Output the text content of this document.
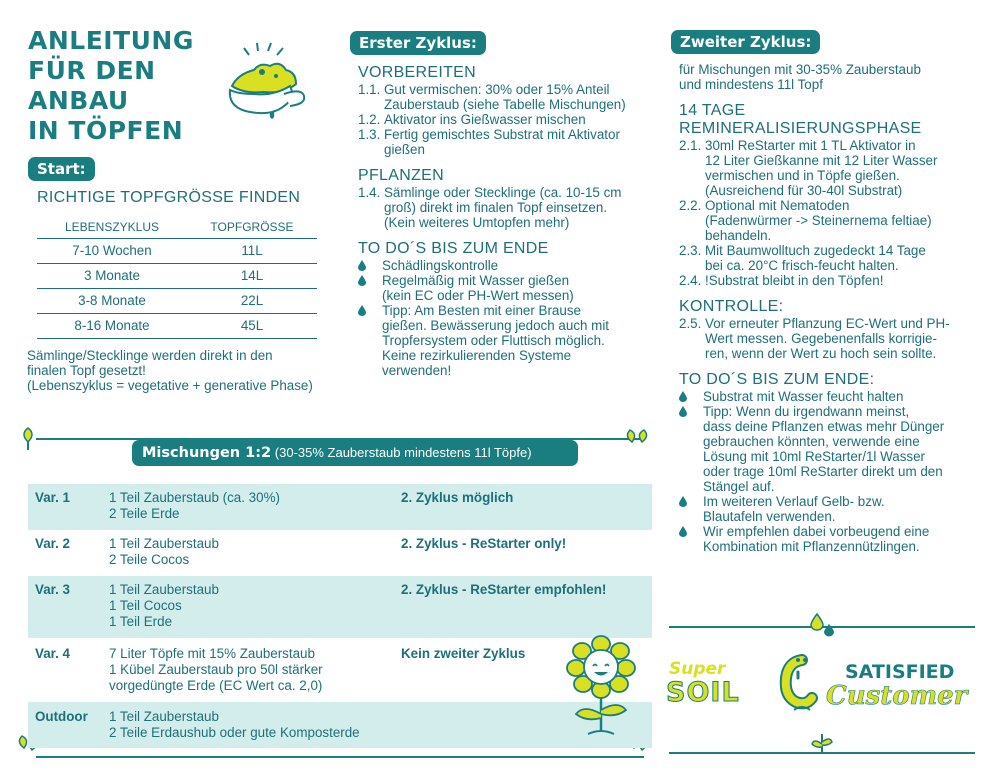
ANLEITUNG
FÜR DEN
ANBAU
IN TÖPFEN
Start:
RICHTIGE TOPFGRÖSSE FINDEN
LEBENSZYKLUS	TOPFGRÖSSE
7-10 Wochen	11L
3 Monate	14L
3-8 Monate	22L
8-16 Monate	45L
Sämlinge/Stecklinge werden direkt in den
finalen Topf gesetzt!
(Lebenszyklus = vegetative + generative Phase)
Erster Zyklus:
VORBEREITEN
1.1. Gut vermischen: 30% oder 15% Anteil
Zauberstaub (siehe Tabelle Mischungen)
1.2. Aktivator ins Gießwasser mischen
1.3. Fertig gemischtes Substrat mit Aktivator
gießen
PFLANZEN
1.4. Sämlinge oder Stecklinge (ca. 10-15 cm
groß) direkt im finalen Topf einsetzen.
(Kein weiteres Umtopfen mehr)
TO DO´S BIS ZUM ENDE
Schädlingskontrolle
Regelmäßig mit Wasser gießen
(kein EC oder PH-Wert messen)
Tipp: Am Besten mit einer Brause
gießen. Bewässerung jedoch auch mit
Tropfersystem oder Fluttisch möglich.
Keine rezirkulierenden Systeme
verwenden!
Zweiter Zyklus:
für Mischungen mit 30-35% Zauberstaub
und mindestens 11l Topf
14 TAGE
REMINERALISIERUNGSPHASE
2.1. 30ml ReStarter mit 1 TL Aktivator in
12 Liter Gießkanne mit 12 Liter Wasser
vermischen und in Töpfe gießen.
(Ausreichend für 30-40l Substrat)
2.2. Optional mit Nematoden
(Fadenwürmer -> Steinernema feltiae)
behandeln.
2.3. Mit Baumwolltuch zugedeckt 14 Tage
bei ca. 20°C frisch-feucht halten.
2.4. !Substrat bleibt in den Töpfen!
KONTROLLE:
2.5. Vor erneuter Pflanzung EC-Wert und PH-
Wert messen. Gegebenenfalls korrigie-
ren, wenn der Wert zu hoch sein sollte.
TO DO´S BIS ZUM ENDE:
Substrat mit Wasser feucht halten
Tipp: Wenn du irgendwann meinst,
dass deine Pflanzen etwas mehr Dünger
gebrauchen könnten, verwende eine
Lösung mit 10ml ReStarter/1l Wasser
oder trage 10ml ReStarter direkt um den
Stängel auf.
Im weiteren Verlauf Gelb- bzw.
Blautafeln verwenden.
Wir empfehlen dabei vorbeugend eine
Kombination mit Pflanzennützlingen.
Mischungen 1:2 (30-35% Zauberstaub mindestens 11l Töpfe)
Var. 1	1 Teil Zauberstaub (ca. 30%)
2 Teile Erde
2. Zyklus möglich
Var. 2	1 Teil Zauberstaub
2 Teile Cocos
2. Zyklus - ReStarter only!
Var. 3	1 Teil Zauberstaub
1 Teil Cocos
1 Teil Erde
2. Zyklus - ReStarter empfohlen!
Var. 4	7 Liter Töpfe mit 15% Zauberstaub
1 Kübel Zauberstaub pro 50l stärker
vorgedüngte Erde (EC Wert ca. 2,0)
Kein zweiter Zyklus
Outdoor 1 Teil Zauberstaub
2 Teile Erdaushub oder gute Komposterde
Super
SOIL
SATISFIED
Customer
